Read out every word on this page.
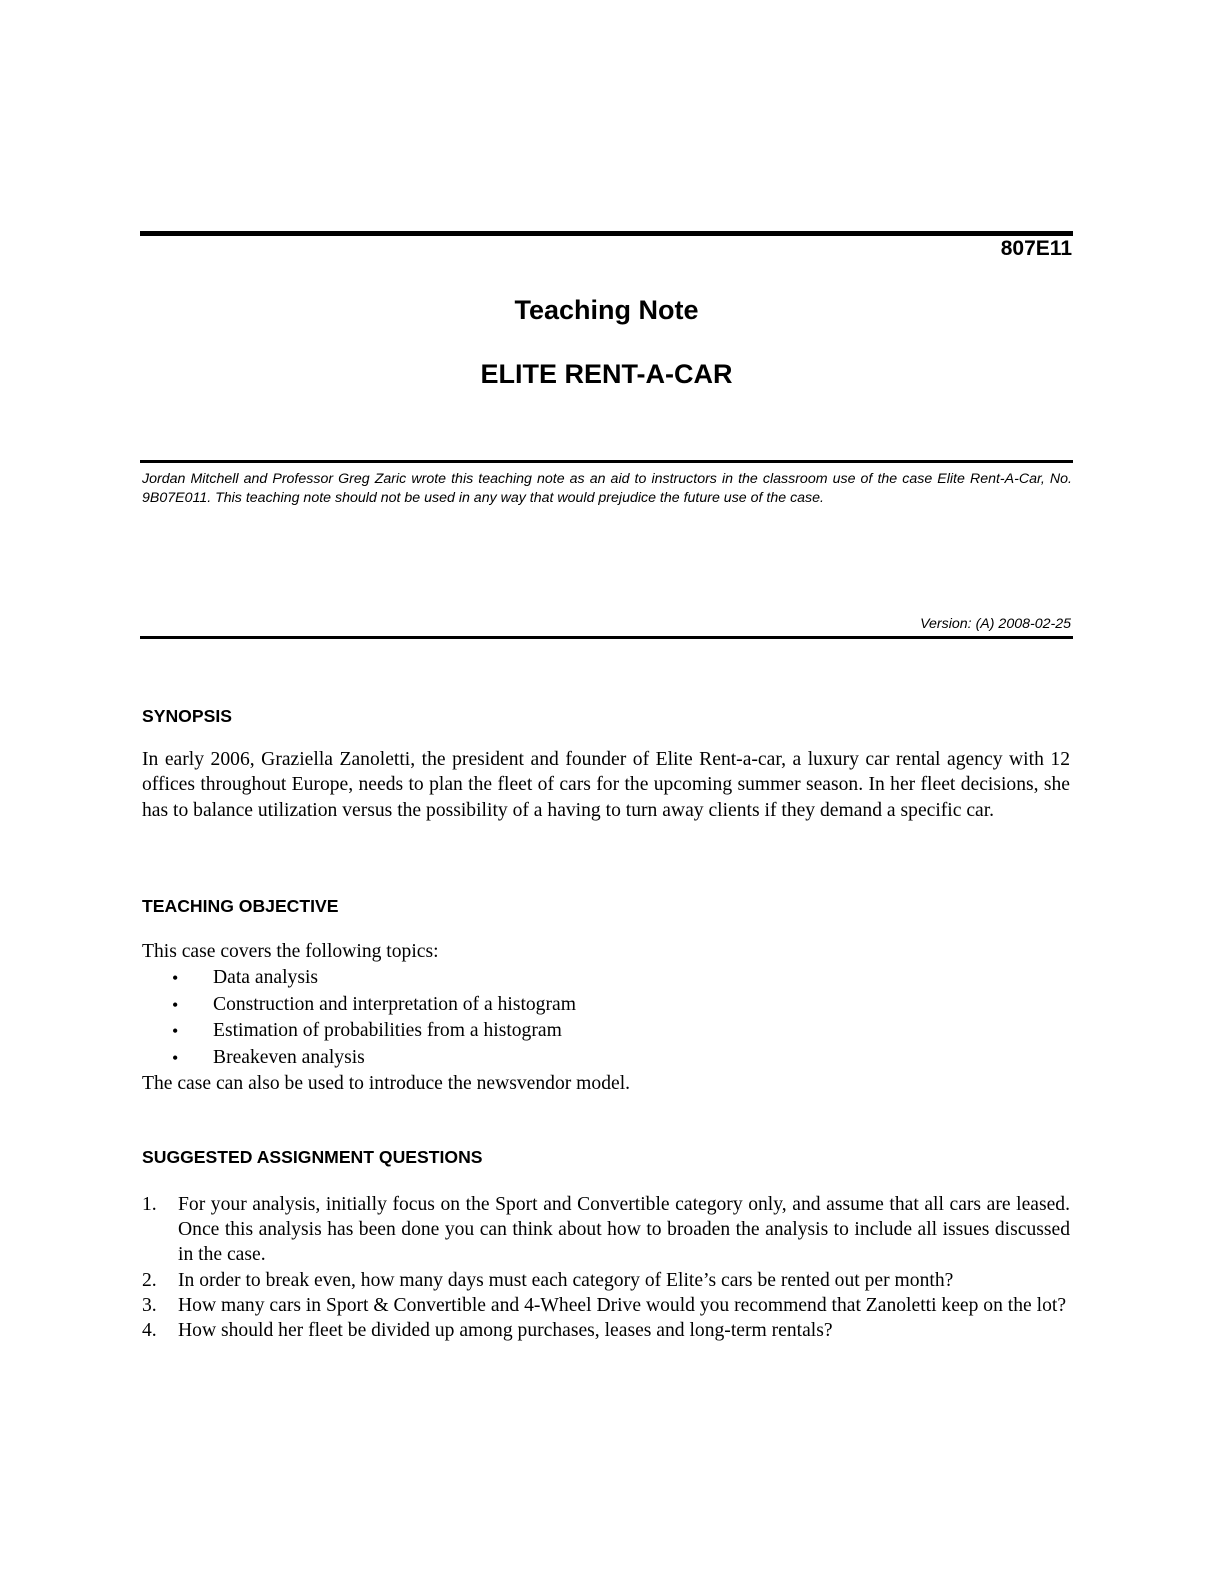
807E11
Teaching Note
ELITE RENT-A-CAR
Jordan Mitchell and Professor Greg Zaric wrote this teaching note as an aid to instructors in the classroom use of the case Elite Rent-A-Car, No. 9B07E011. This teaching note should not be used in any way that would prejudice the future use of the case.
Version: (A) 2008-02-25
SYNOPSIS
In early 2006, Graziella Zanoletti, the president and founder of Elite Rent-a-car, a luxury car rental agency with 12 offices throughout Europe, needs to plan the fleet of cars for the upcoming summer season. In her fleet decisions, she has to balance utilization versus the possibility of a having to turn away clients if they demand a specific car.
TEACHING OBJECTIVE
This case covers the following topics:
• Data analysis
• Construction and interpretation of a histogram
• Estimation of probabilities from a histogram
• Breakeven analysis
The case can also be used to introduce the newsvendor model.
SUGGESTED ASSIGNMENT QUESTIONS
1. For your analysis, initially focus on the Sport and Convertible category only, and assume that all cars are leased. Once this analysis has been done you can think about how to broaden the analysis to include all issues discussed in the case.
2. In order to break even, how many days must each category of Elite’s cars be rented out per month?
3. How many cars in Sport & Convertible and 4-Wheel Drive would you recommend that Zanoletti keep on the lot?
4. How should her fleet be divided up among purchases, leases and long-term rentals?
